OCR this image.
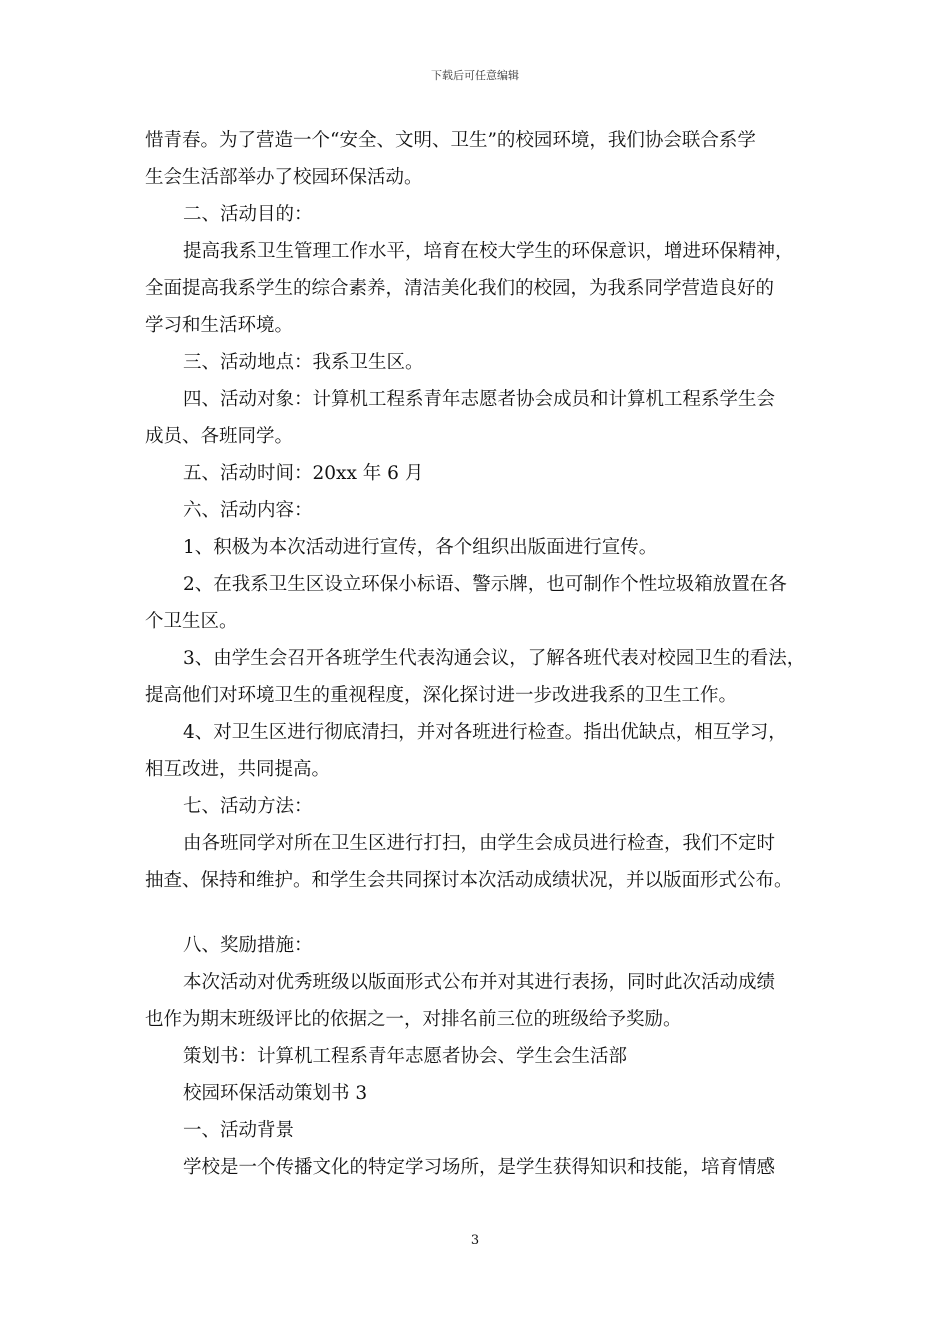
下载后可任意编辑
惜青春。为了营造一个“安全、文明、卫生”的校园环境，我们协会联合系学
生会生活部举办了校园环保活动。
二、活动目的：
提高我系卫生管理工作水平，培育在校大学生的环保意识，增进环保精神，
全面提高我系学生的综合素养，清洁美化我们的校园，为我系同学营造良好的
学习和生活环境。
三、活动地点：我系卫生区。
四、活动对象：计算机工程系青年志愿者协会成员和计算机工程系学生会
成员、各班同学。
五、活动时间：20xx 年 6 月
六、活动内容：
1、积极为本次活动进行宣传，各个组织出版面进行宣传。
2、在我系卫生区设立环保小标语、警示牌，也可制作个性垃圾箱放置在各
个卫生区。
3、由学生会召开各班学生代表沟通会议，了解各班代表对校园卫生的看法，
提高他们对环境卫生的重视程度，深化探讨进一步改进我系的卫生工作。
4、对卫生区进行彻底清扫，并对各班进行检查。指出优缺点，相互学习，
相互改进，共同提高。
七、活动方法：
由各班同学对所在卫生区进行打扫，由学生会成员进行检查，我们不定时
抽查、保持和维护。和学生会共同探讨本次活动成绩状况，并以版面形式公布。
八、奖励措施：
本次活动对优秀班级以版面形式公布并对其进行表扬，同时此次活动成绩
也作为期末班级评比的依据之一，对排名前三位的班级给予奖励。
策划书：计算机工程系青年志愿者协会、学生会生活部
校园环保活动策划书 3
一、活动背景
学校是一个传播文化的特定学习场所，是学生获得知识和技能，培育情感
3
